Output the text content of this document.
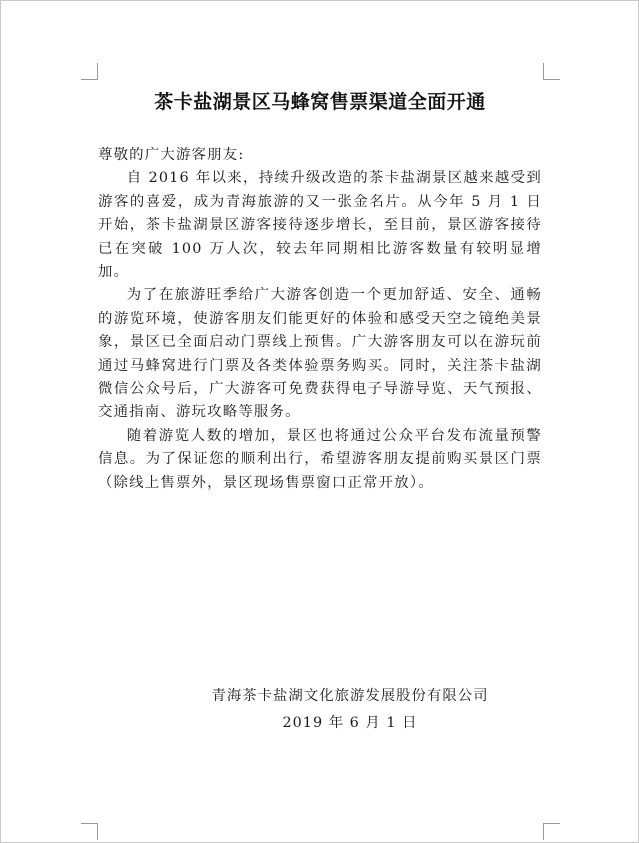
茶卡盐湖景区马蜂窝售票渠道全面开通

尊敬的广大游客朋友:

自 2016 年以来，持续升级改造的茶卡盐湖景区越来越受到游客的喜爱，成为青海旅游的又一张金名片。从今年 5 月 1 日开始，茶卡盐湖景区游客接待逐步增长，至目前，景区游客接待已在突破 100 万人次，较去年同期相比游客数量有较明显增加。

为了在旅游旺季给广大游客创造一个更加舒适、安全、通畅的游览环境，使游客朋友们能更好的体验和感受天空之镜绝美景象，景区已全面启动门票线上预售。广大游客朋友可以在游玩前通过马蜂窝进行门票及各类体验票务购买。同时，关注茶卡盐湖微信公众号后，广大游客可免费获得电子导游导览、天气预报、交通指南、游玩攻略等服务。

随着游览人数的增加，景区也将通过公众平台发布流量预警信息。为了保证您的顺利出行，希望游客朋友提前购买景区门票（除线上售票外，景区现场售票窗口正常开放）。

青海茶卡盐湖文化旅游发展股份有限公司
2019 年 6 月 1 日
